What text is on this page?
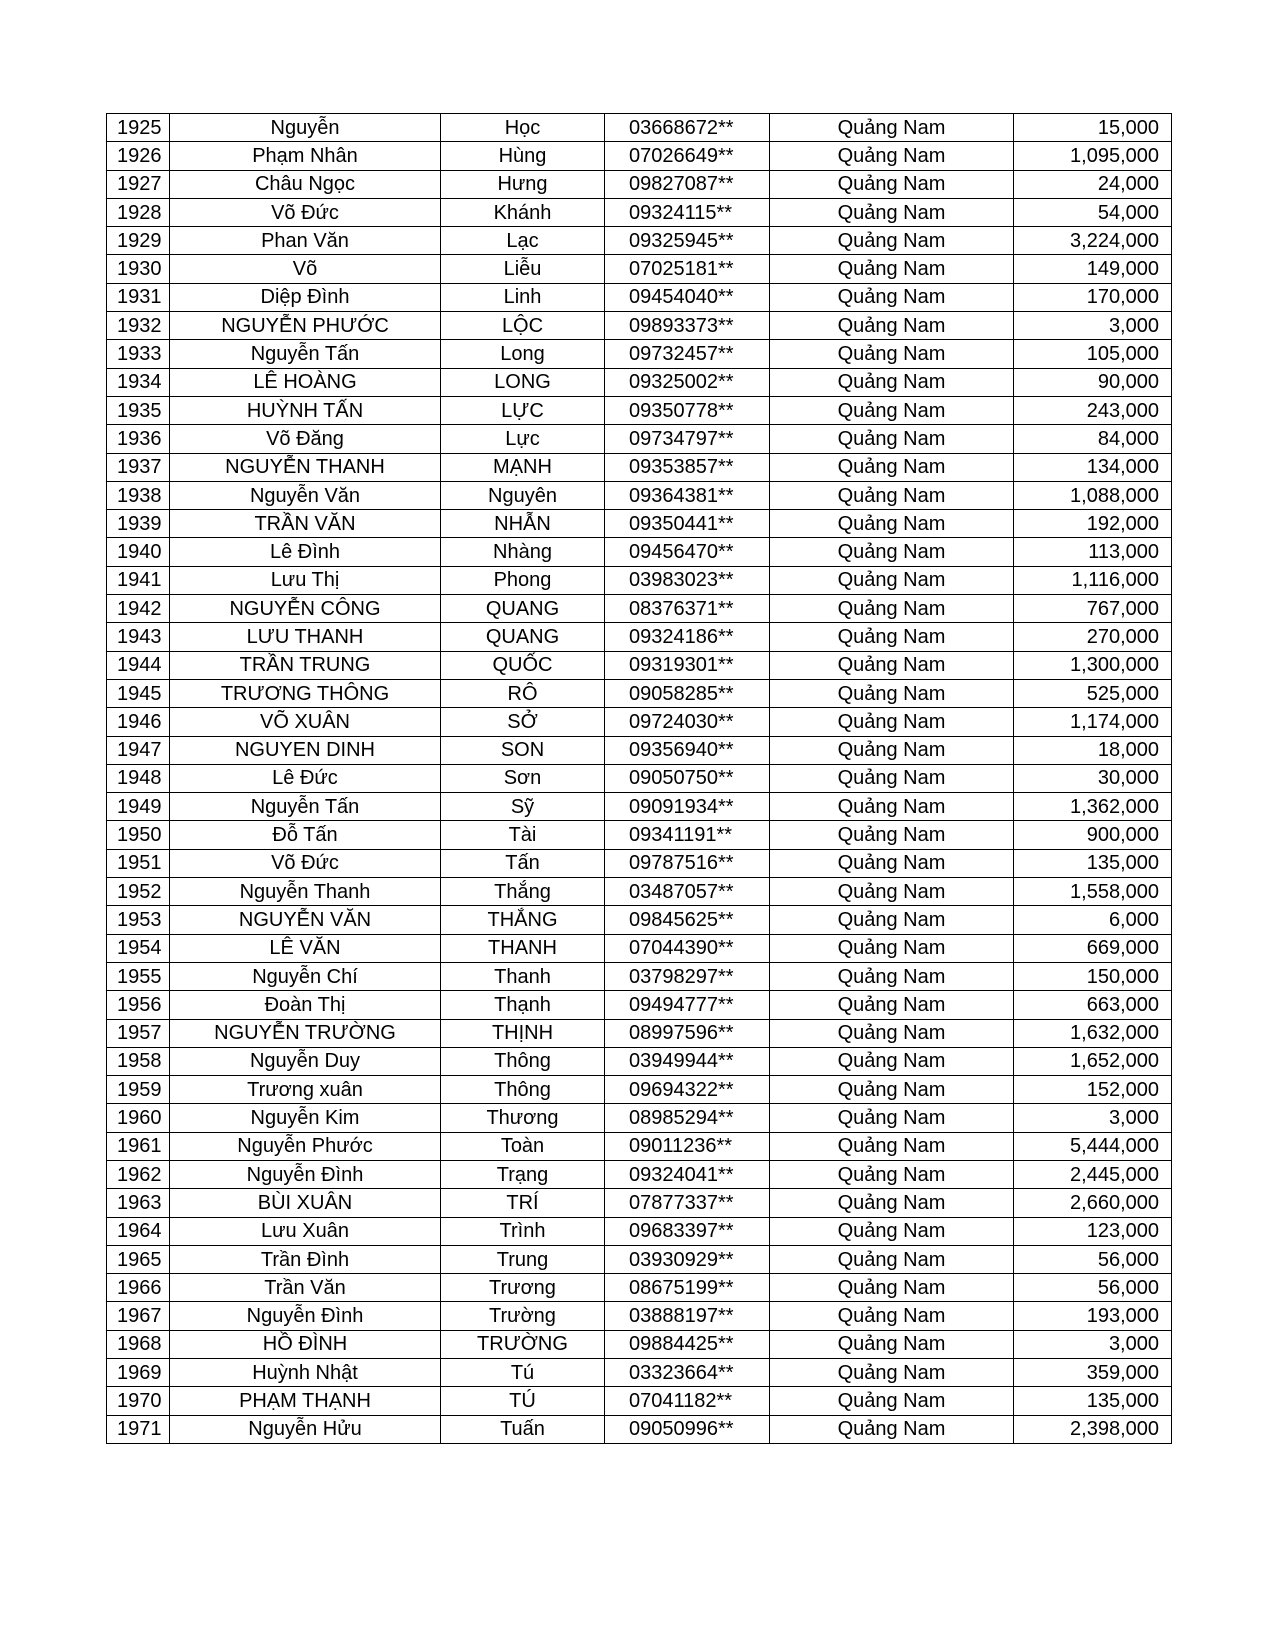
1925	Nguyễn	Học	03668672**	Quảng Nam	15,000
1926	Phạm Nhân	Hùng	07026649**	Quảng Nam	1,095,000
1927	Châu Ngọc	Hưng	09827087**	Quảng Nam	24,000
1928	Võ Đức	Khánh	09324115**	Quảng Nam	54,000
1929	Phan Văn	Lạc	09325945**	Quảng Nam	3,224,000
1930	Võ	Liễu	07025181**	Quảng Nam	149,000
1931	Diệp Đình	Linh	09454040**	Quảng Nam	170,000
1932	NGUYỄN PHƯỚC	LỘC	09893373**	Quảng Nam	3,000
1933	Nguyễn Tấn	Long	09732457**	Quảng Nam	105,000
1934	LÊ HOÀNG	LONG	09325002**	Quảng Nam	90,000
1935	HUỲNH TẤN	LỰC	09350778**	Quảng Nam	243,000
1936	Võ Đăng	Lực	09734797**	Quảng Nam	84,000
1937	NGUYỄN THANH	MẠNH	09353857**	Quảng Nam	134,000
1938	Nguyễn Văn	Nguyên	09364381**	Quảng Nam	1,088,000
1939	TRẦN VĂN	NHẪN	09350441**	Quảng Nam	192,000
1940	Lê Đình	Nhàng	09456470**	Quảng Nam	113,000
1941	Lưu Thị	Phong	03983023**	Quảng Nam	1,116,000
1942	NGUYỄN CÔNG	QUANG	08376371**	Quảng Nam	767,000
1943	LƯU THANH	QUANG	09324186**	Quảng Nam	270,000
1944	TRẦN TRUNG	QUỐC	09319301**	Quảng Nam	1,300,000
1945	TRƯƠNG THÔNG	RÔ	09058285**	Quảng Nam	525,000
1946	VÕ XUÂN	SỞ	09724030**	Quảng Nam	1,174,000
1947	NGUYEN DINH	SON	09356940**	Quảng Nam	18,000
1948	Lê Đức	Sơn	09050750**	Quảng Nam	30,000
1949	Nguyễn Tấn	Sỹ	09091934**	Quảng Nam	1,362,000
1950	Đỗ Tấn	Tài	09341191**	Quảng Nam	900,000
1951	Võ Đức	Tấn	09787516**	Quảng Nam	135,000
1952	Nguyễn Thanh	Thắng	03487057**	Quảng Nam	1,558,000
1953	NGUYỄN VĂN	THẮNG	09845625**	Quảng Nam	6,000
1954	LÊ VĂN	THANH	07044390**	Quảng Nam	669,000
1955	Nguyễn Chí	Thanh	03798297**	Quảng Nam	150,000
1956	Đoàn Thị	Thạnh	09494777**	Quảng Nam	663,000
1957	NGUYỄN TRƯỜNG	THỊNH	08997596**	Quảng Nam	1,632,000
1958	Nguyễn Duy	Thông	03949944**	Quảng Nam	1,652,000
1959	Trương xuân	Thông	09694322**	Quảng Nam	152,000
1960	Nguyễn Kim	Thương	08985294**	Quảng Nam	3,000
1961	Nguyễn Phước	Toàn	09011236**	Quảng Nam	5,444,000
1962	Nguyễn Đình	Trạng	09324041**	Quảng Nam	2,445,000
1963	BÙI XUÂN	TRÍ	07877337**	Quảng Nam	2,660,000
1964	Lưu Xuân	Trình	09683397**	Quảng Nam	123,000
1965	Trần Đình	Trung	03930929**	Quảng Nam	56,000
1966	Trần Văn	Trương	08675199**	Quảng Nam	56,000
1967	Nguyễn Đình	Trường	03888197**	Quảng Nam	193,000
1968	HỒ ĐÌNH	TRƯỜNG	09884425**	Quảng Nam	3,000
1969	Huỳnh Nhật	Tú	03323664**	Quảng Nam	359,000
1970	PHẠM THẠNH	TÚ	07041182**	Quảng Nam	135,000
1971	Nguyễn Hửu	Tuấn	09050996**	Quảng Nam	2,398,000
